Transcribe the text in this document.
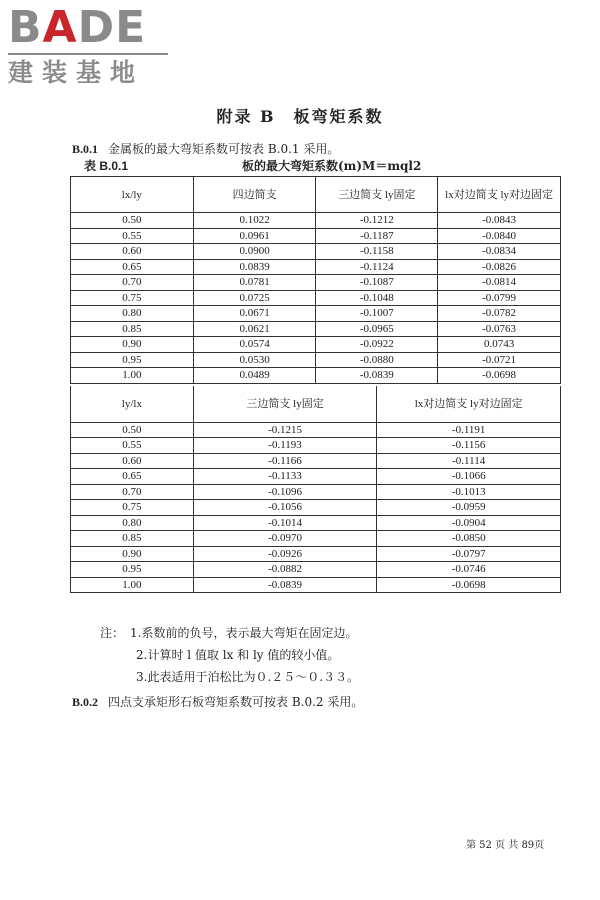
BADE
建装基地
附录 B　板弯矩系数
B.0.1 金属板的最大弯矩系数可按表 B.0.1 采用。
表 B.0.1	板的最大弯矩系数(m)M＝mql2
lx/ly	四边简支	三边简支 ly固定	lx对边简支 ly对边固定
0.50	0.1022	-0.1212	-0.0843
0.55	0.0961	-0.1187	-0.0840
0.60	0.0900	-0.1158	-0.0834
0.65	0.0839	-0.1124	-0.0826
0.70	0.0781	-0.1087	-0.0814
0.75	0.0725	-0.1048	-0.0799
0.80	0.0671	-0.1007	-0.0782
0.85	0.0621	-0.0965	-0.0763
0.90	0.0574	-0.0922	0.0743
0.95	0.0530	-0.0880	-0.0721
1.00	0.0489	-0.0839	-0.0698
ly/lx	三边简支 ly固定	lx对边简支 ly对边固定
0.50	-0.1215	-0.1191
0.55	-0.1193	-0.1156
0.60	-0.1166	-0.1114
0.65	-0.1133	-0.1066
0.70	-0.1096	-0.1013
0.75	-0.1056	-0.0959
0.80	-0.1014	-0.0904
0.85	-0.0970	-0.0850
0.90	-0.0926	-0.0797
0.95	-0.0882	-0.0746
1.00	-0.0839	-0.0698
注： 1.系数前的负号，表示最大弯矩在固定边。
2.计算时 l 值取 lx 和 ly 值的较小值。
3.此表适用于泊松比为０.２５～０.３３。
B.0.2 四点支承矩形石板弯矩系数可按表 B.0.2 采用。
第 52 页 共 89页
